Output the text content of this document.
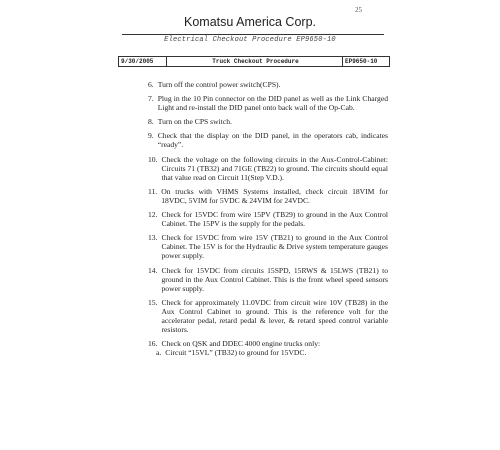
25
Komatsu America Corp.
Electrical Checkout Procedure EP9650-10
9/30/2005	Truck Checkout Procedure	EP9650-10
6. Turn off the control power switch(CPS).
7. Plug in the 10 Pin connector on the DID panel as well as the Link Charged Light and re-install the DID panel onto back wall of the Op-Cab.
8. Turn on the CPS switch.
9. Check that the display on the DID panel, in the operators cab, indicates “ready”.
10. Check the voltage on the following circuits in the Aux-Control-Cabinet: Circuits 71 (TB32) and 71GE (TB22) to ground. The circuits should equal that value read on Circuit 11(Step V.D.).
11. On trucks with VHMS Systems installed, check circuit 18VIM for 18VDC, 5VIM for 5VDC & 24VIM for 24VDC.
12. Check for 15VDC from wire 15PV (TB29) to ground in the Aux Control Cabinet. The 15PV is the supply for the pedals.
13. Check for 15VDC from wire 15V (TB21) to ground in the Aux Control Cabinet. The 15V is for the Hydraulic & Drive system temperature gauges power supply.
14. Check for 15VDC from circuits 15SPD, 15RWS & 15LWS (TB21) to ground in the Aux Control Cabinet. This is the front wheel speed sensors power supply.
15. Check for approximately 11.0VDC from circuit wire 10V (TB28) in the Aux Control Cabinet to ground. This is the reference volt for the accelerator pedal, retard pedal & lever, & retard speed control variable resistors.
16. Check on QSK and DDEC 4000 engine trucks only:
a. Circuit “15VL” (TB32) to ground for 15VDC.
